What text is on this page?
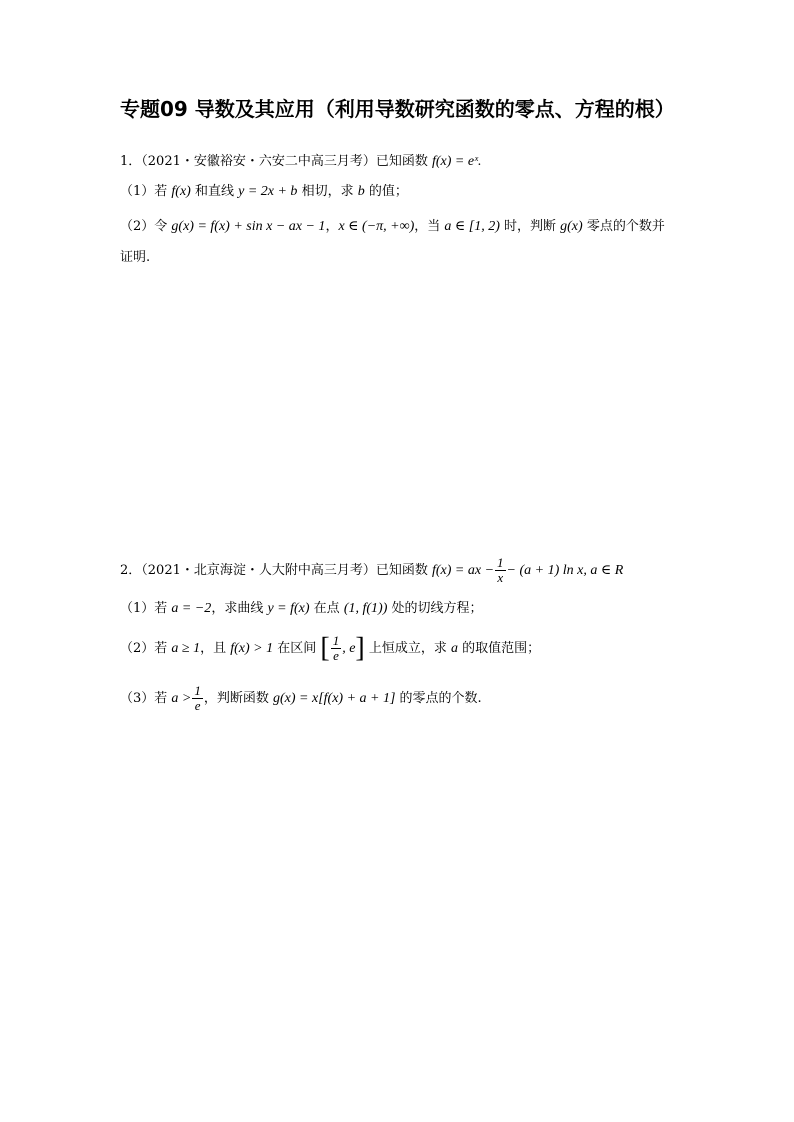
专题09 导数及其应用（利用导数研究函数的零点、方程的根）
1．（2021・安徽裕安・六安二中高三月考）已知函数 f(x) = eˣ.
（1）若 f(x) 和直线 y = 2x + b 相切，求 b 的值；
（2）令 g(x) = f(x) + sin x − ax − 1，x ∈ (−π, +∞)，当 a ∈ [1, 2) 时，判断 g(x) 零点的个数并
证明.
2．（2021・北京海淀・人大附中高三月考）已知函数 f(x) = ax − $\frac{1}{x} - (a + 1)$ ln x, a ∈ R
（1）若 a = −2，求曲线 y = f(x) 在点 (1, f(1)) 处的切线方程；
（2）若 a ≥ 1，且 f(x) > 1 在区间 [ $\frac{1}{e}$ , e] 上恒成立，求 a 的取值范围；
（3）若 $a > \frac{1}{e}$ ，判断函数 g(x) = x[f(x) + a + 1] 的零点的个数.
